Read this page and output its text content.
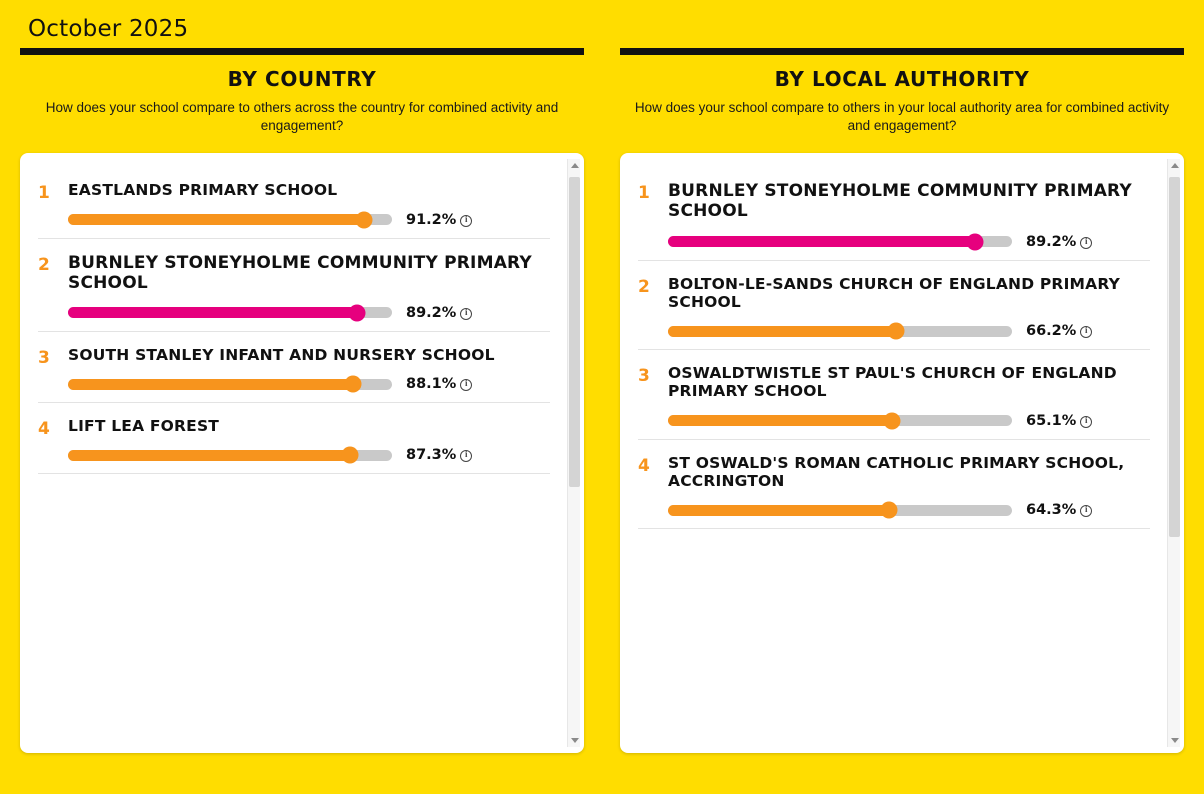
October 2025
BY COUNTRY
How does your school compare to others across the country for combined activity and engagement?
1	EASTLANDS PRIMARY SCHOOL
91.2%
i
2	BURNLEY STONEYHOLME COMMUNITY PRIMARY SCHOOL
89.2%
i
3	SOUTH STANLEY INFANT AND NURSERY SCHOOL
88.1%
i
4	LIFT LEA FOREST
87.3%
i
BY LOCAL AUTHORITY
How does your school compare to others in your local authority area for combined activity and engagement?
1	BURNLEY STONEYHOLME COMMUNITY PRIMARY SCHOOL
89.2%
i
2	BOLTON-LE-SANDS CHURCH OF ENGLAND PRIMARY SCHOOL
66.2%
i
3	OSWALDTWISTLE ST PAUL'S CHURCH OF ENGLAND PRIMARY SCHOOL
65.1%
i
4	ST OSWALD'S ROMAN CATHOLIC PRIMARY SCHOOL, ACCRINGTON
64.3%
i
